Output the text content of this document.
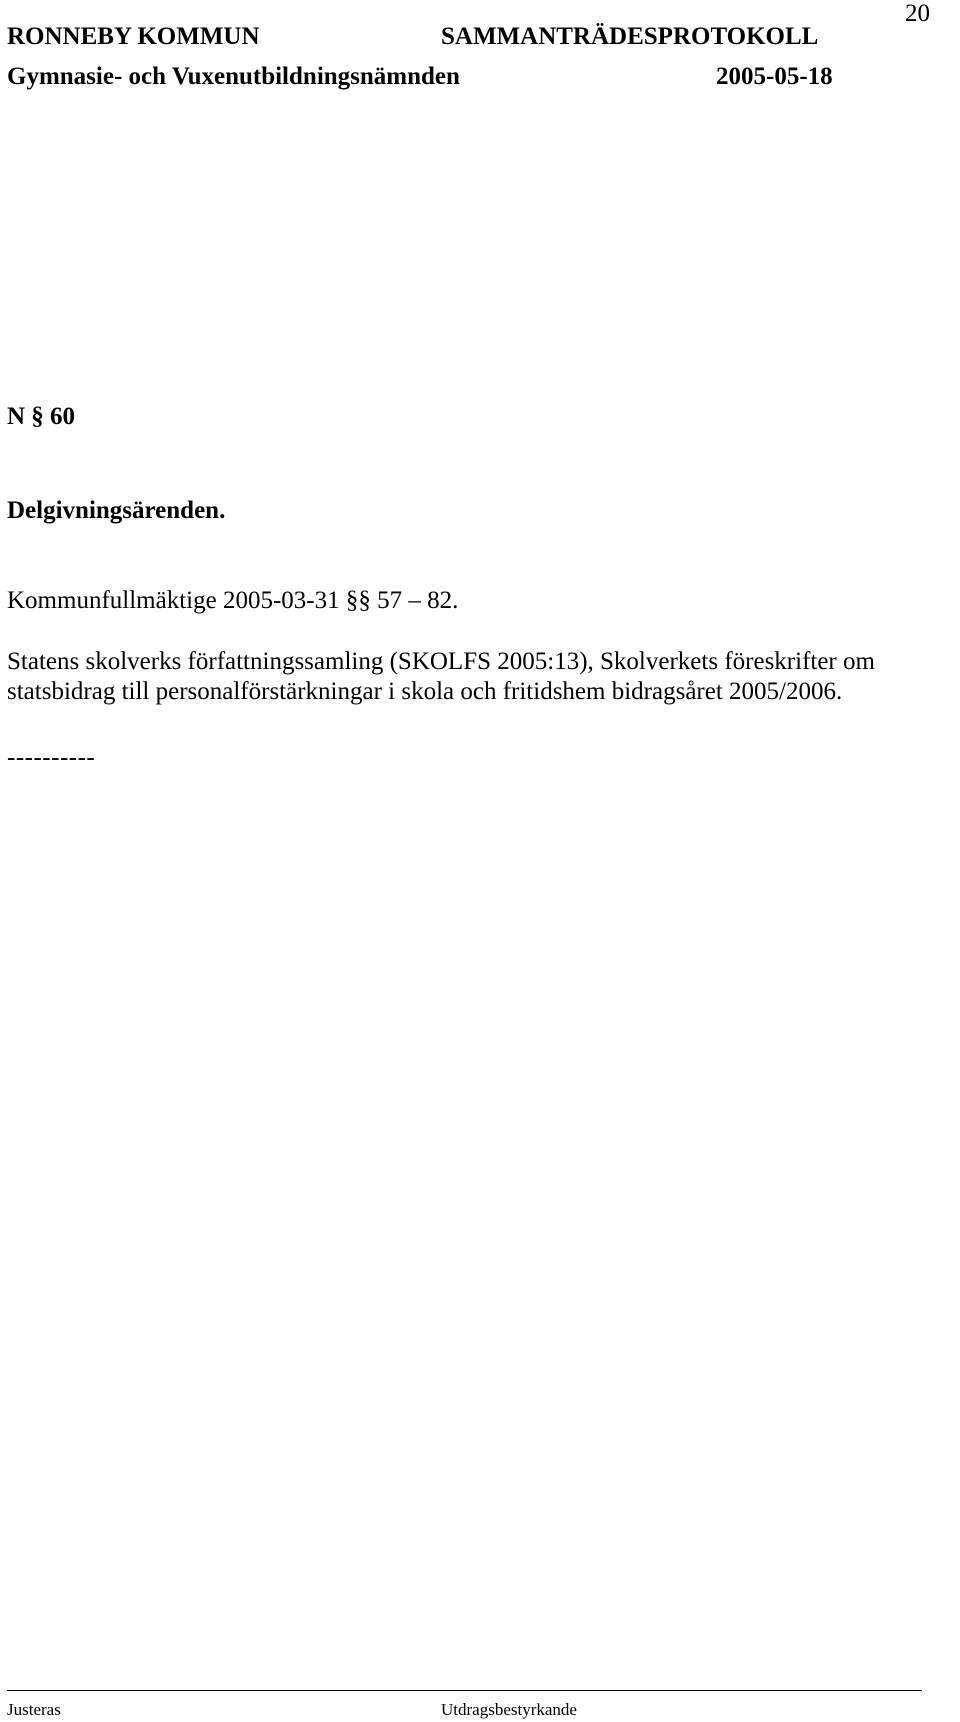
20
RONNEBY KOMMUN	SAMMANTRÄDESPROTOKOLL
Gymnasie- och Vuxenutbildningsnämnden	2005-05-18
N § 60
Delgivningsärenden.
Kommunfullmäktige 2005-03-31 §§ 57 – 82.
Statens skolverks författningssamling (SKOLFS 2005:13), Skolverkets föreskrifter om
statsbidrag till personalförstärkningar i skola och fritidshem bidragsåret 2005/2006.
----------
Justeras	Utdragsbestyrkande
